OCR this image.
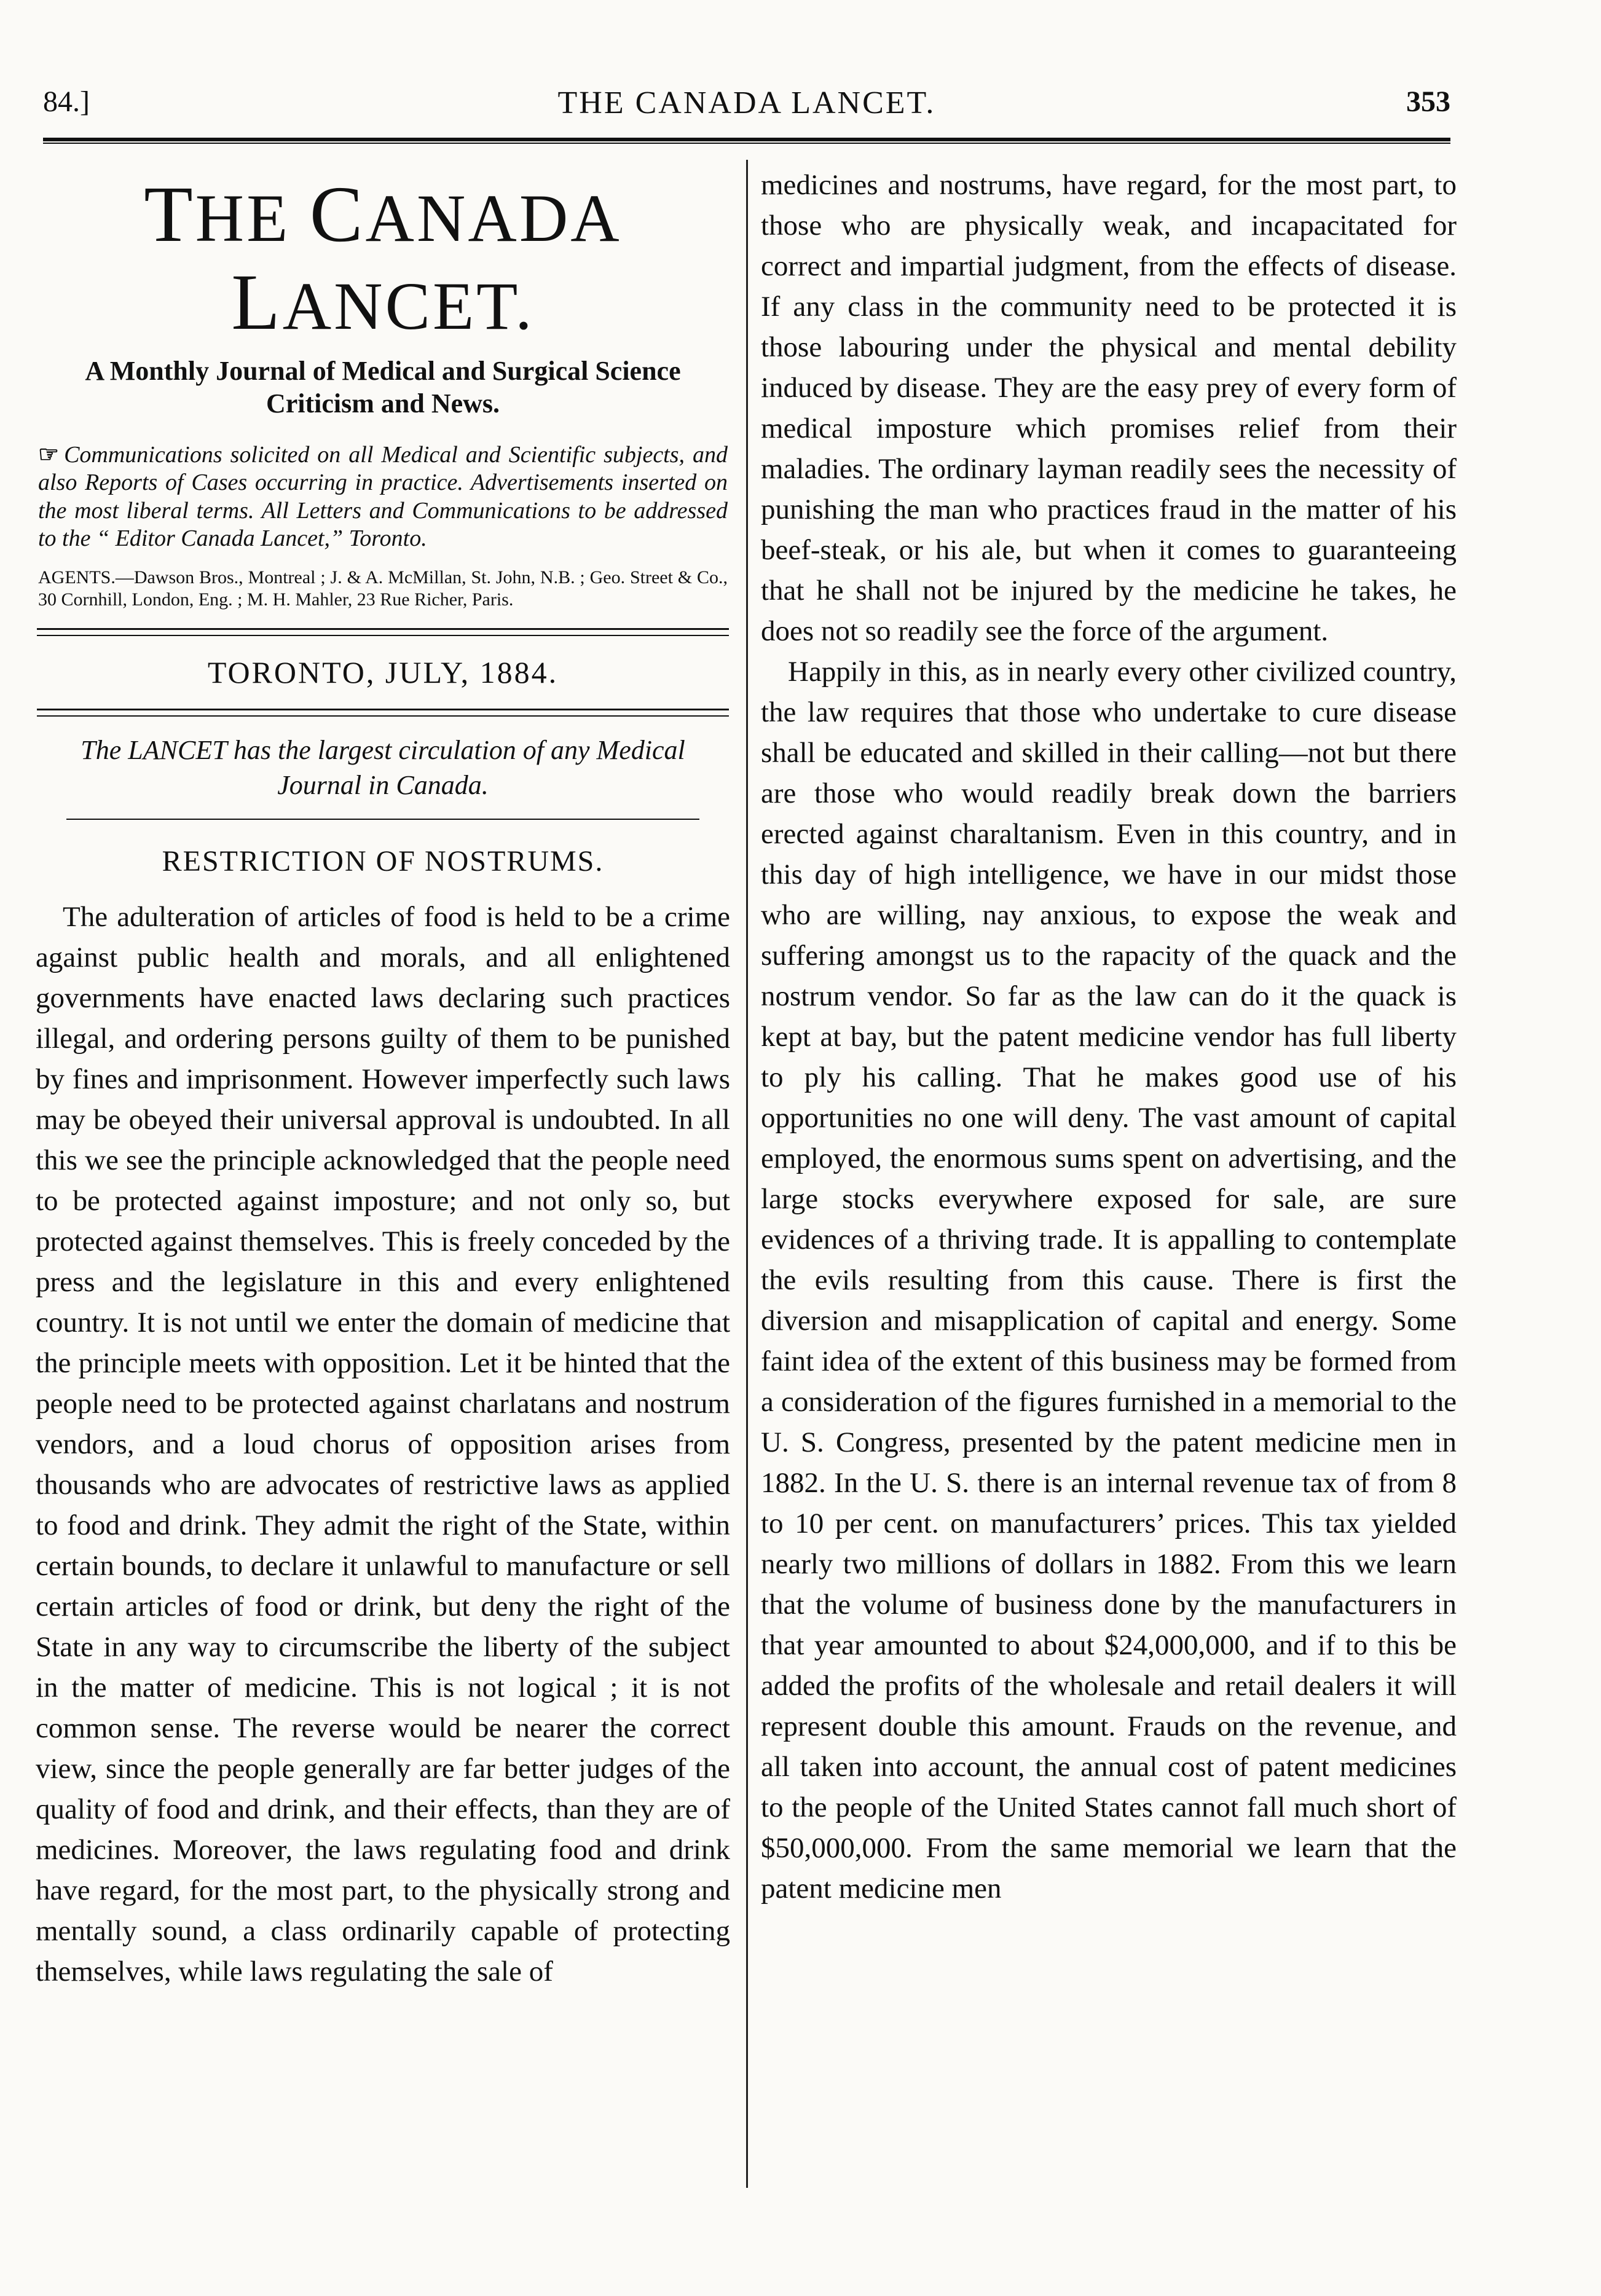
84.]	THE CANADA LANCET.	353
THE CANADA LANCET.
A Monthly Journal of Medical and Surgical Science Criticism and News.
☞ Communications solicited on all Medical and Scientific subjects, and also Reports of Cases occurring in practice. Advertisements inserted on the most liberal terms. All Letters and Communications to be addressed to the “ Editor Canada Lancet,” Toronto.
AGENTS.—Dawson Bros., Montreal ; J. & A. McMillan, St. John, N.B. ; Geo. Street & Co., 30 Cornhill, London, Eng. ; M. H. Mahler, 23 Rue Richer, Paris.
TORONTO, JULY, 1884.
The LANCET has the largest circulation of any Medical Journal in Canada.
RESTRICTION OF NOSTRUMS.

The adulteration of articles of food is held to be a crime against public health and morals, and all enlightened governments have enacted laws declaring such practices illegal, and ordering persons guilty of them to be punished by fines and imprisonment. However imperfectly such laws may be obeyed their universal approval is undoubted. In all this we see the principle acknowledged that the people need to be protected against imposture; and not only so, but protected against themselves. This is freely conceded by the press and the legislature in this and every enlightened country. It is not until we enter the domain of medicine that the principle meets with opposition. Let it be hinted that the people need to be protected against charlatans and nostrum vendors, and a loud chorus of opposition arises from thousands who are advocates of restrictive laws as applied to food and drink. They admit the right of the State, within certain bounds, to declare it unlawful to manufacture or sell certain articles of food or drink, but deny the right of the State in any way to circumscribe the liberty of the subject in the matter of medicine. This is not logical ; it is not common sense. The reverse would be nearer the correct view, since the people generally are far better judges of the quality of food and drink, and their effects, than they are of medicines. Moreover, the laws regulating food and drink have regard, for the most part, to the physically strong and mentally sound, a class ordinarily capable of protecting themselves, while laws regulating the sale of

medicines and nostrums, have regard, for the most part, to those who are physically weak, and incapacitated for correct and impartial judgment, from the effects of disease. If any class in the community need to be protected it is those labouring under the physical and mental debility induced by disease. They are the easy prey of every form of medical imposture which promises relief from their maladies. The ordinary layman readily sees the necessity of punishing the man who practices fraud in the matter of his beef-steak, or his ale, but when it comes to guaranteeing that he shall not be injured by the medicine he takes, he does not so readily see the force of the argument.

Happily in this, as in nearly every other civilized country, the law requires that those who undertake to cure disease shall be educated and skilled in their calling—not but there are those who would readily break down the barriers erected against charaltanism. Even in this country, and in this day of high intelligence, we have in our midst those who are willing, nay anxious, to expose the weak and suffering amongst us to the rapacity of the quack and the nostrum vendor. So far as the law can do it the quack is kept at bay, but the patent medicine vendor has full liberty to ply his calling. That he makes good use of his opportunities no one will deny. The vast amount of capital employed, the enormous sums spent on advertising, and the large stocks everywhere exposed for sale, are sure evidences of a thriving trade. It is appalling to contemplate the evils resulting from this cause. There is first the diversion and misapplication of capital and energy. Some faint idea of the extent of this business may be formed from a consideration of the figures furnished in a memorial to the U. S. Congress, presented by the patent medicine men in 1882. In the U. S. there is an internal revenue tax of from 8 to 10 per cent. on manufacturers’ prices. This tax yielded nearly two millions of dollars in 1882. From this we learn that the volume of business done by the manufacturers in that year amounted to about $24,000,000, and if to this be added the profits of the wholesale and retail dealers it will represent double this amount. Frauds on the revenue, and all taken into account, the annual cost of patent medicines to the people of the United States cannot fall much short of $50,000,000. From the same memorial we learn that the patent medicine men
